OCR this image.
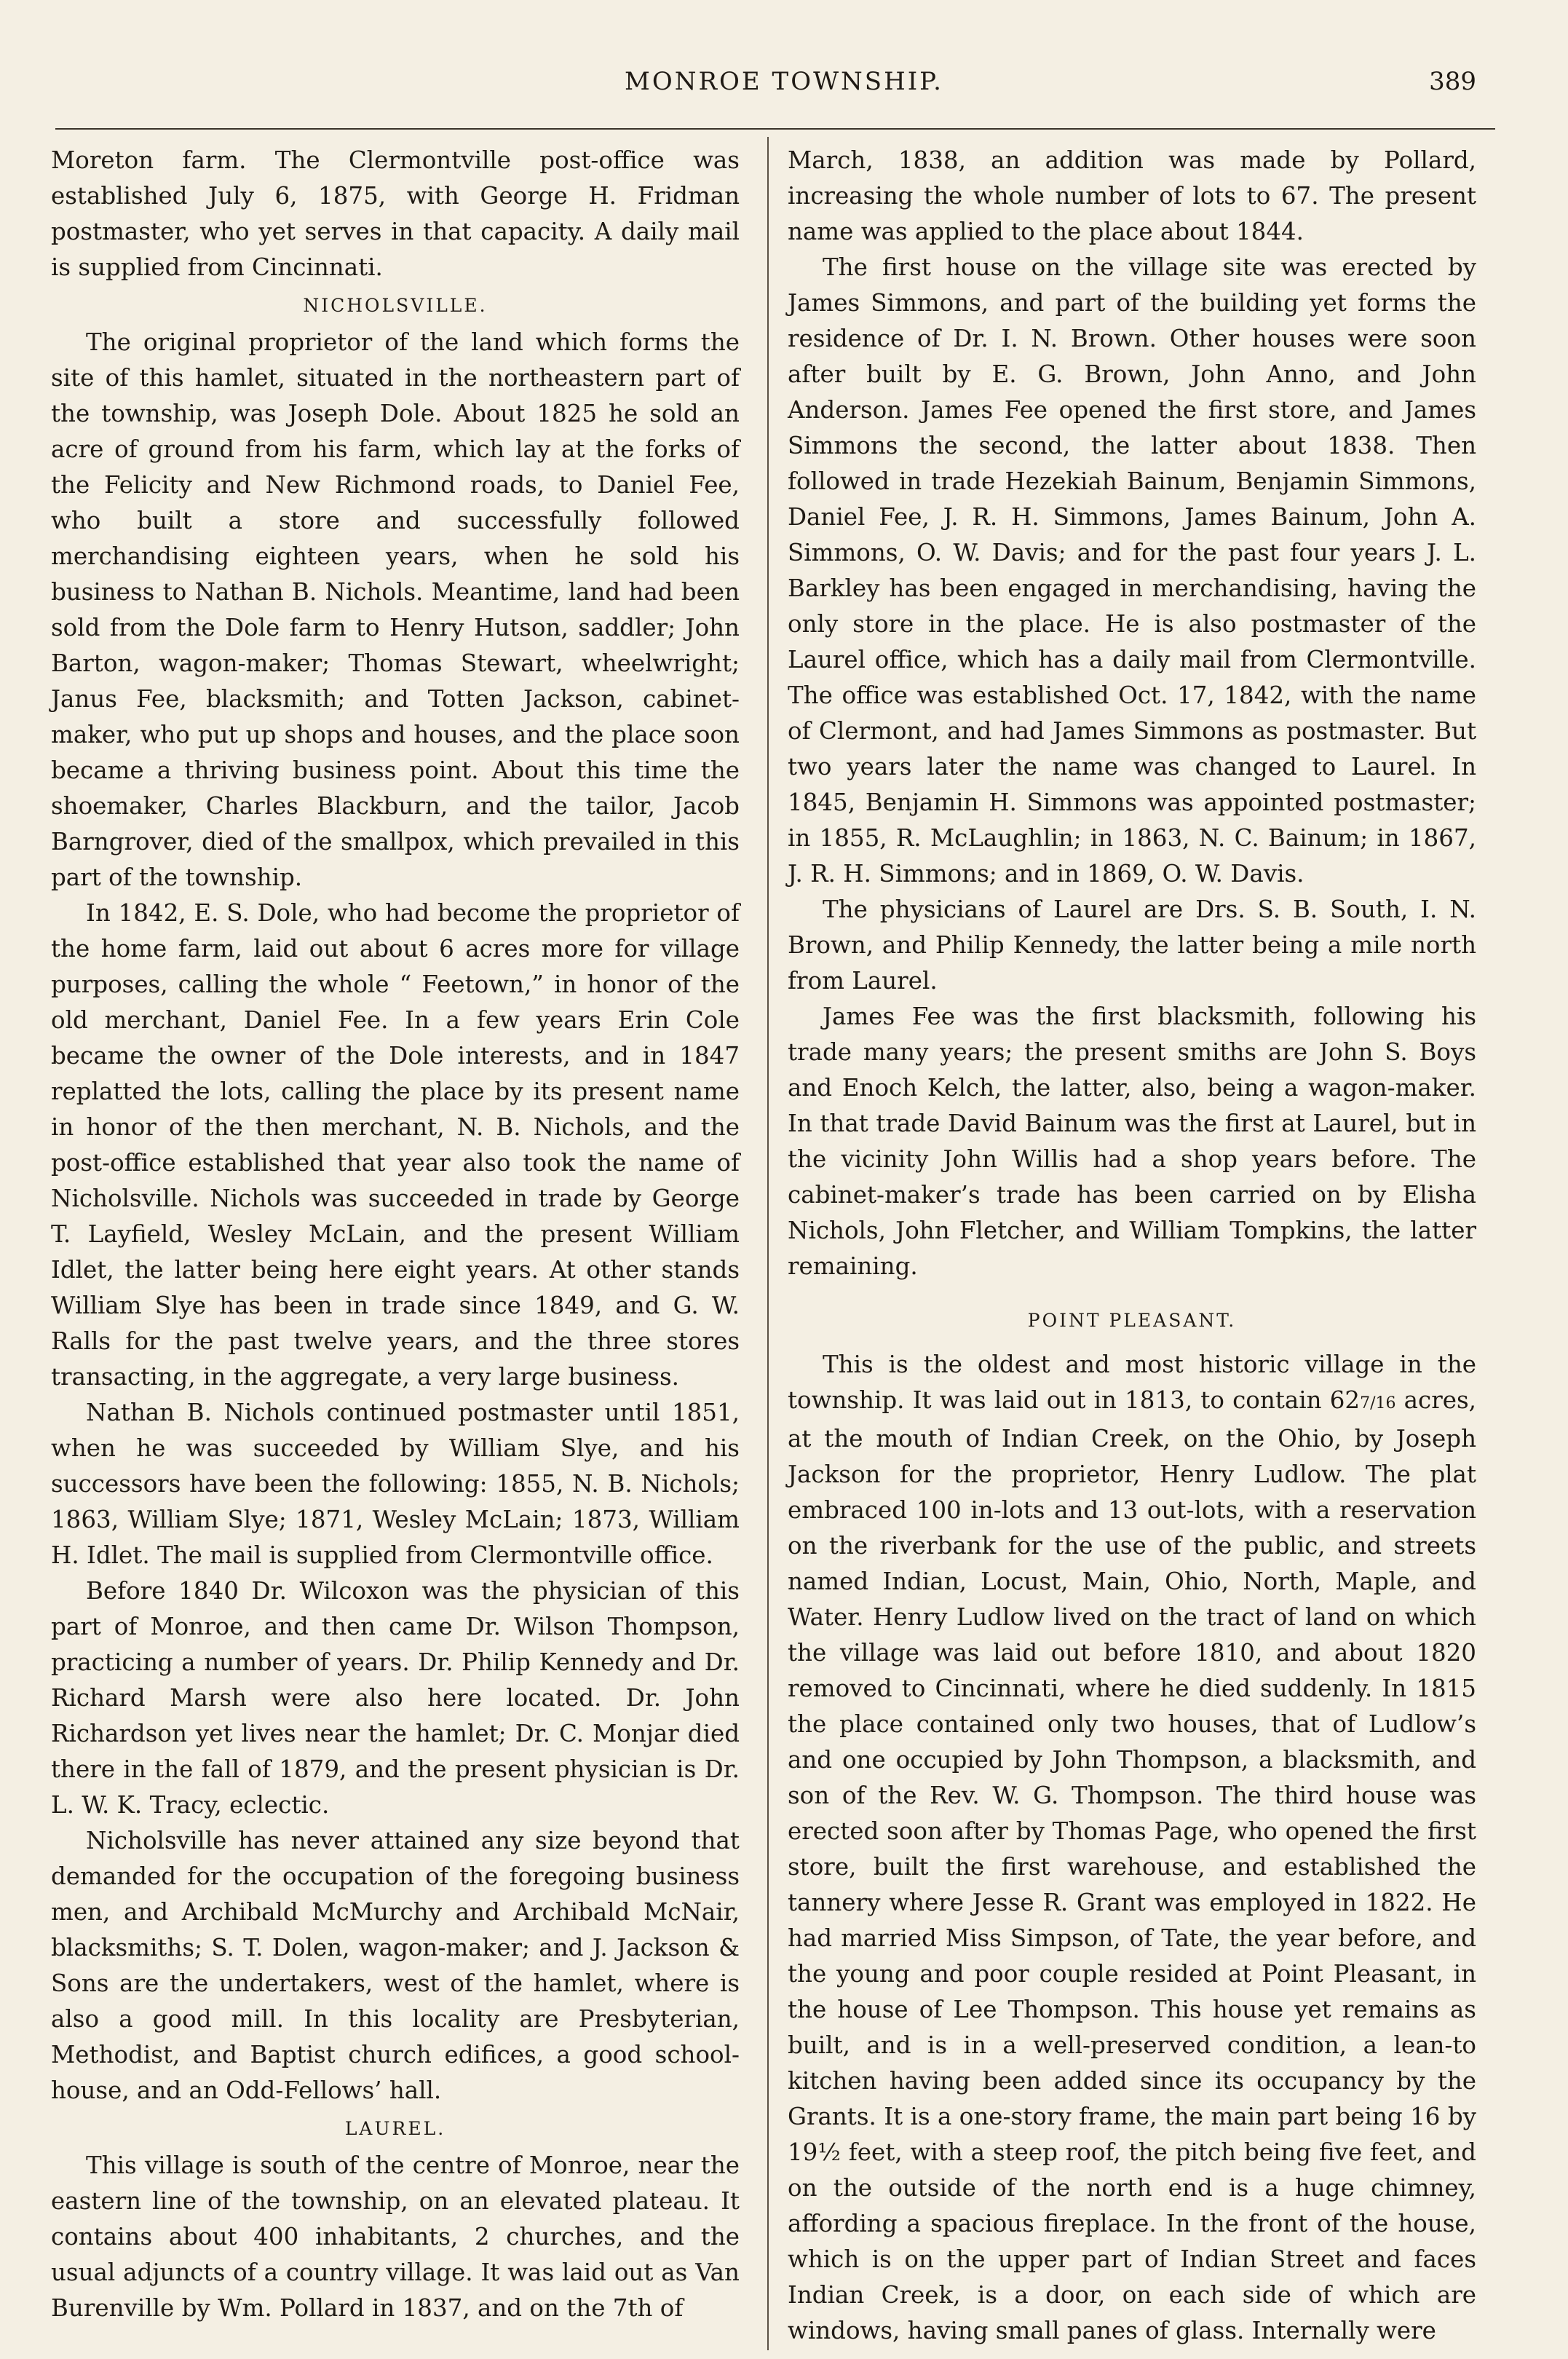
MONROE TOWNSHIP.	389

Moreton farm. The Clermontville post-office was established July 6, 1875, with George H. Fridman postmaster, who yet serves in that capacity. A daily mail is supplied from Cincinnati.

NICHOLSVILLE.

The original proprietor of the land which forms the site of this hamlet, situated in the northeastern part of the township, was Joseph Dole. About 1825 he sold an acre of ground from his farm, which lay at the forks of the Felicity and New Richmond roads, to Daniel Fee, who built a store and successfully followed merchandising eighteen years, when he sold his business to Nathan B. Nichols. Meantime, land had been sold from the Dole farm to Henry Hutson, saddler; John Barton, wagon-maker; Thomas Stewart, wheelwright; Janus Fee, blacksmith; and Totten Jackson, cabinet-maker, who put up shops and houses, and the place soon became a thriving business point. About this time the shoemaker, Charles Blackburn, and the tailor, Jacob Barngrover, died of the smallpox, which prevailed in this part of the township.

In 1842, E. S. Dole, who had become the proprietor of the home farm, laid out about 6 acres more for village purposes, calling the whole “ Feetown,” in honor of the old merchant, Daniel Fee. In a few years Erin Cole became the owner of the Dole interests, and in 1847 replatted the lots, calling the place by its present name in honor of the then merchant, N. B. Nichols, and the post-office established that year also took the name of Nicholsville. Nichols was succeeded in trade by George T. Layfield, Wesley McLain, and the present William Idlet, the latter being here eight years. At other stands William Slye has been in trade since 1849, and G. W. Ralls for the past twelve years, and the three stores transacting, in the aggregate, a very large business.

Nathan B. Nichols continued postmaster until 1851, when he was succeeded by William Slye, and his successors have been the following: 1855, N. B. Nichols; 1863, William Slye; 1871, Wesley McLain; 1873, William H. Idlet. The mail is supplied from Clermontville office.

Before 1840 Dr. Wilcoxon was the physician of this part of Monroe, and then came Dr. Wilson Thompson, practicing a number of years. Dr. Philip Kennedy and Dr. Richard Marsh were also here located. Dr. John Richardson yet lives near the hamlet; Dr. C. Monjar died there in the fall of 1879, and the present physician is Dr. L. W. K. Tracy, eclectic.

Nicholsville has never attained any size beyond that demanded for the occupation of the foregoing business men, and Archibald McMurchy and Archibald McNair, blacksmiths; S. T. Dolen, wagon-maker; and J. Jackson & Sons are the undertakers, west of the hamlet, where is also a good mill. In this locality are Presbyterian, Methodist, and Baptist church edifices, a good school-house, and an Odd-Fellows’ hall.

LAUREL.

This village is south of the centre of Monroe, near the eastern line of the township, on an elevated plateau. It contains about 400 inhabitants, 2 churches, and the usual adjuncts of a country village. It was laid out as Van Burenville by Wm. Pollard in 1837, and on the 7th of

March, 1838, an addition was made by Pollard, increasing the whole number of lots to 67. The present name was applied to the place about 1844.

The first house on the village site was erected by James Simmons, and part of the building yet forms the residence of Dr. I. N. Brown. Other houses were soon after built by E. G. Brown, John Anno, and John Anderson. James Fee opened the first store, and James Simmons the second, the latter about 1838. Then followed in trade Hezekiah Bainum, Benjamin Simmons, Daniel Fee, J. R. H. Simmons, James Bainum, John A. Simmons, O. W. Davis; and for the past four years J. L. Barkley has been engaged in merchandising, having the only store in the place. He is also postmaster of the Laurel office, which has a daily mail from Clermontville. The office was established Oct. 17, 1842, with the name of Clermont, and had James Simmons as postmaster. But two years later the name was changed to Laurel. In 1845, Benjamin H. Simmons was appointed postmaster; in 1855, R. McLaughlin; in 1863, N. C. Bainum; in 1867, J. R. H. Simmons; and in 1869, O. W. Davis.

The physicians of Laurel are Drs. S. B. South, I. N. Brown, and Philip Kennedy, the latter being a mile north from Laurel.

James Fee was the first blacksmith, following his trade many years; the present smiths are John S. Boys and Enoch Kelch, the latter, also, being a wagon-maker. In that trade David Bainum was the first at Laurel, but in the vicinity John Willis had a shop years before. The cabinet-maker’s trade has been carried on by Elisha Nichols, John Fletcher, and William Tompkins, the latter remaining.

POINT PLEASANT.

This is the oldest and most historic village in the township. It was laid out in 1813, to contain 627/16 acres, at the mouth of Indian Creek, on the Ohio, by Joseph Jackson for the proprietor, Henry Ludlow. The plat embraced 100 in-lots and 13 out-lots, with a reservation on the riverbank for the use of the public, and streets named Indian, Locust, Main, Ohio, North, Maple, and Water. Henry Ludlow lived on the tract of land on which the village was laid out before 1810, and about 1820 removed to Cincinnati, where he died suddenly. In 1815 the place contained only two houses, that of Ludlow’s and one occupied by John Thompson, a blacksmith, and son of the Rev. W. G. Thompson. The third house was erected soon after by Thomas Page, who opened the first store, built the first warehouse, and established the tannery where Jesse R. Grant was employed in 1822. He had married Miss Simpson, of Tate, the year before, and the young and poor couple resided at Point Pleasant, in the house of Lee Thompson. This house yet remains as built, and is in a well-preserved condition, a lean-to kitchen having been added since its occupancy by the Grants. It is a one-story frame, the main part being 16 by 19½ feet, with a steep roof, the pitch being five feet, and on the outside of the north end is a huge chimney, affording a spacious fireplace. In the front of the house, which is on the upper part of Indian Street and faces Indian Creek, is a door, on each side of which are windows, having small panes of glass. Internally were
